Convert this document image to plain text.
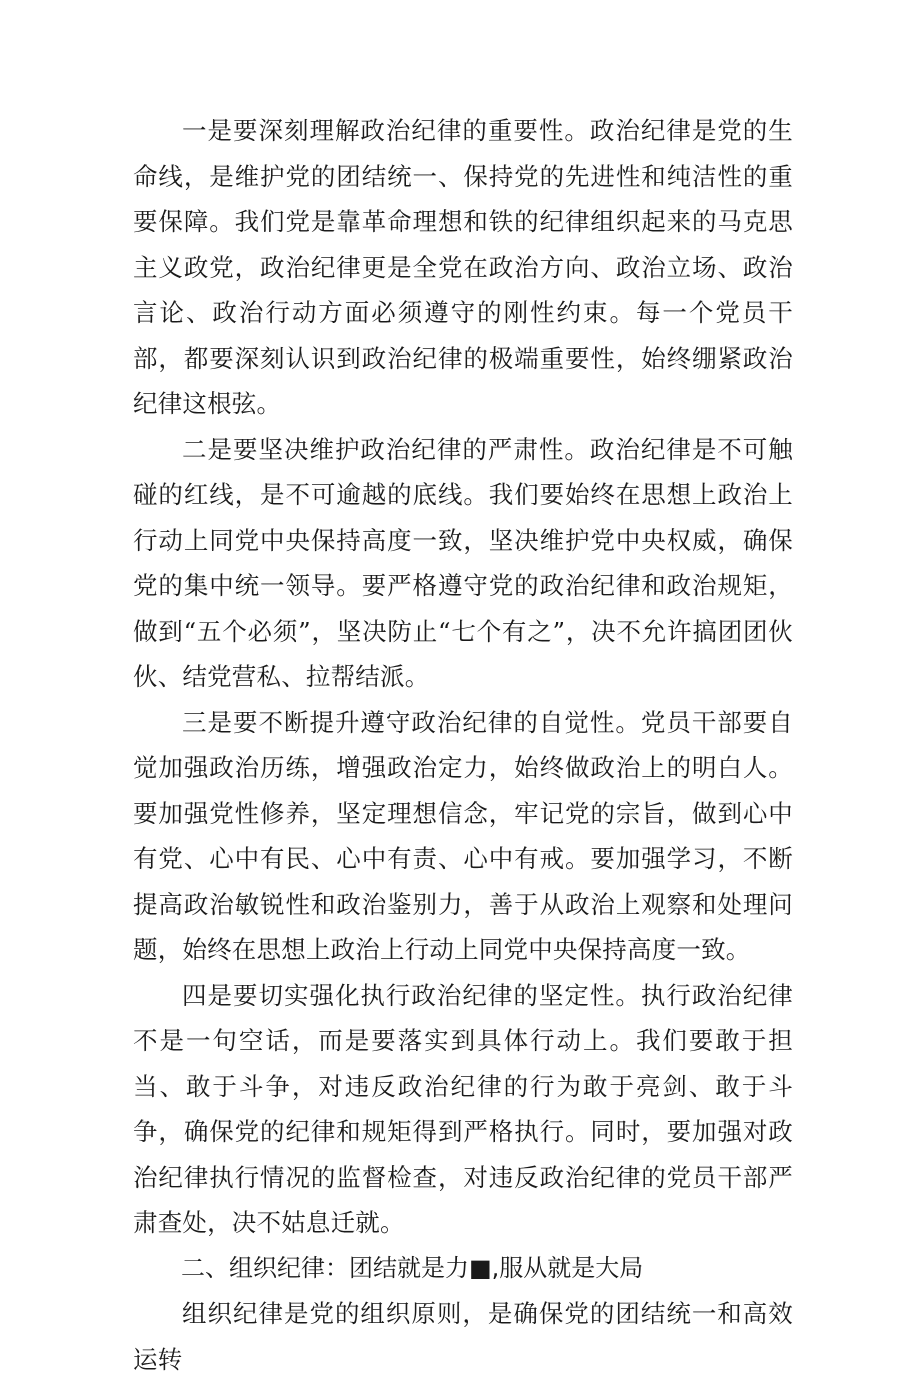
一是要深刻理解政治纪律的重要性。政治纪律是党的生命线，是维护党的团结统一、保持党的先进性和纯洁性的重要保障。我们党是靠革命理想和铁的纪律组织起来的马克思主义政党，政治纪律更是全党在政治方向、政治立场、政治言论、政治行动方面必须遵守的刚性约束。每一个党员干部，都要深刻认识到政治纪律的极端重要性，始终绷紧政治纪律这根弦。

二是要坚决维护政治纪律的严肃性。政治纪律是不可触碰的红线，是不可逾越的底线。我们要始终在思想上政治上行动上同党中央保持高度一致，坚决维护党中央权威，确保党的集中统一领导。要严格遵守党的政治纪律和政治规矩，做到“五个必须”，坚决防止“七个有之”，决不允许搞团团伙伙、结党营私、拉帮结派。

三是要不断提升遵守政治纪律的自觉性。党员干部要自觉加强政治历练，增强政治定力，始终做政治上的明白人。要加强党性修养，坚定理想信念，牢记党的宗旨，做到心中有党、心中有民、心中有责、心中有戒。要加强学习，不断提高政治敏锐性和政治鉴别力，善于从政治上观察和处理问题，始终在思想上政治上行动上同党中央保持高度一致。

四是要切实强化执行政治纪律的坚定性。执行政治纪律不是一句空话，而是要落实到具体行动上。我们要敢于担当、敢于斗争，对违反政治纪律的行为敢于亮剑、敢于斗争，确保党的纪律和规矩得到严格执行。同时，要加强对政治纪律执行情况的监督检查，对违反政治纪律的党员干部严肃查处，决不姑息迁就。

二、组织纪律：团结就是力■,服从就是大局

组织纪律是党的组织原则，是确保党的团结统一和高效运转
